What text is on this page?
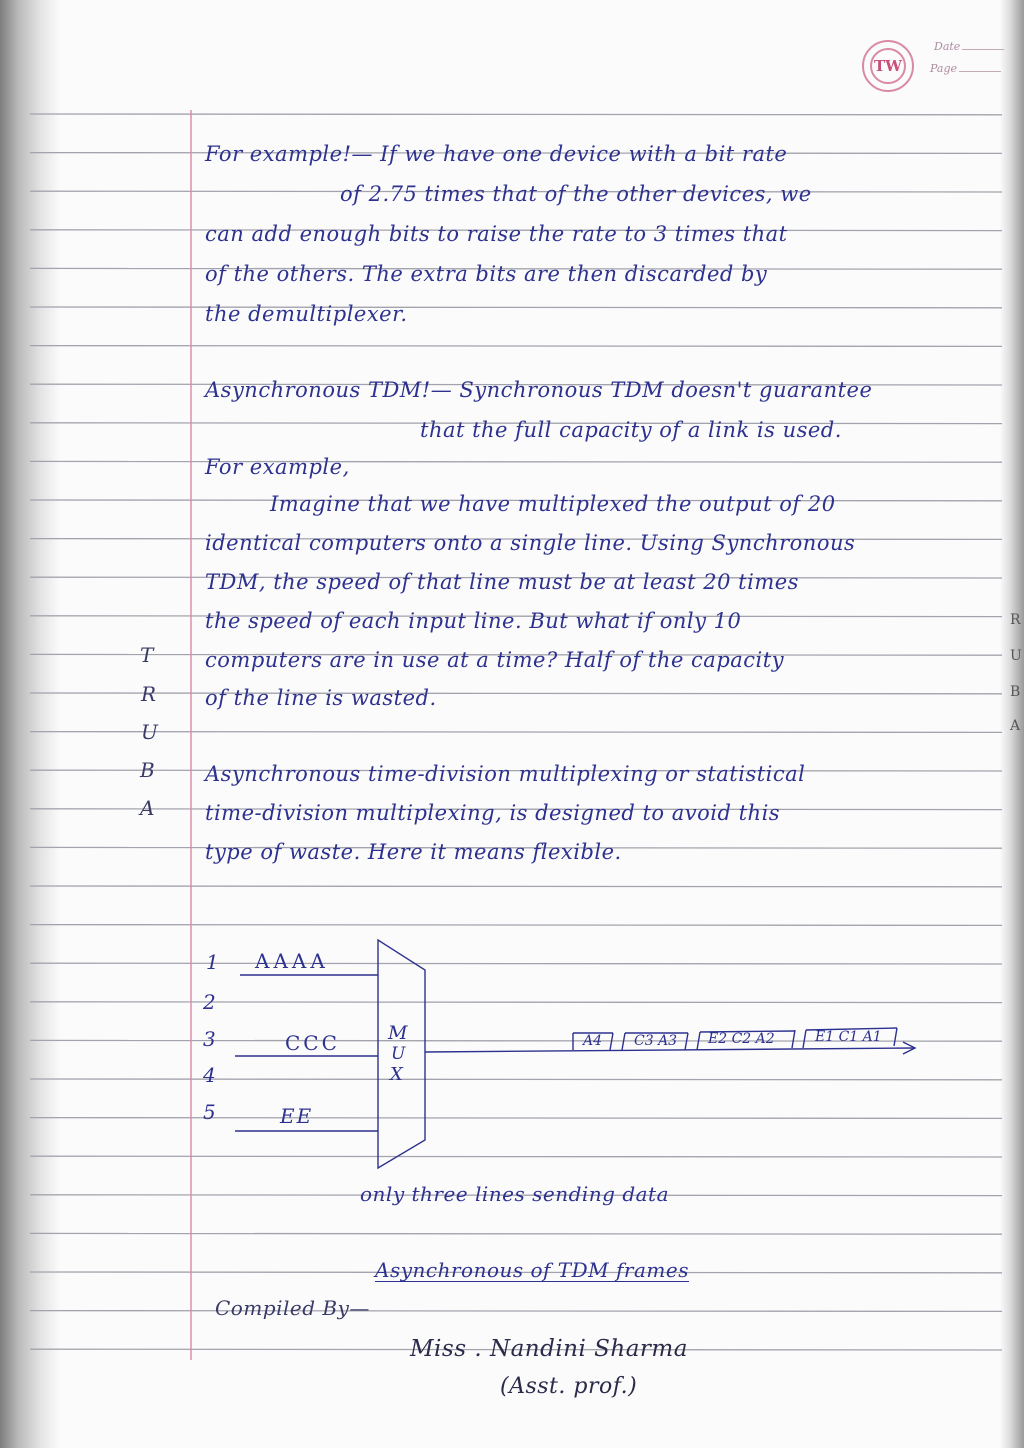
TW
Date
Page
For example!— If we have one device with a bit rate
of 2.75 times that of the other devices, we
can add enough bits to raise the rate to 3 times that
of the others. The extra bits are then discarded by
the demultiplexer.
Asynchronous TDM!— Synchronous TDM doesn't guarantee
that the full capacity of a link is used.
For example,
Imagine that we have multiplexed the output of 20
identical computers onto a single line. Using Synchronous
TDM, the speed of that line must be at least 20 times
the speed of each input line. But what if only 10
computers are in use at a time? Half of the capacity
of the line is wasted.
Asynchronous time-division multiplexing or statistical
time-division multiplexing, is designed to avoid this
type of waste. Here it means flexible.
T
R
U
B
A
R
U
B
A
1
2
3
4
5
AAAA
CCC
EE
M
U
X
A4 C3 A3 E2 C2 A2	E1 C1 A1
only three lines sending data
Asynchronous of TDM frames
Compiled By—
Miss . Nandini Sharma
(Asst. prof.)
